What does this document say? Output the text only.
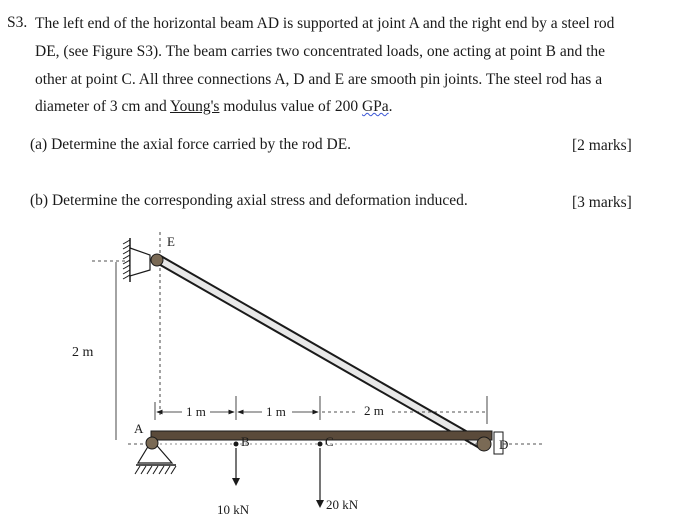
S3. The left end of the horizontal beam AD is supported at joint A and the right end by a steel rod
DE, (see Figure S3). The beam carries two concentrated loads, one acting at point B and the
other at point C. All three connections A, D and E are smooth pin joints. The steel rod has a
diameter of 3 cm and Young's modulus value of 200 GPa.
(a) Determine the axial force carried by the rod DE.	[2 marks]
(b) Determine the corresponding axial stress and deformation induced.	[3 marks]
2 m
E
1 m	1 m	2 m
D
A
B	C
10 kN	20 kN
